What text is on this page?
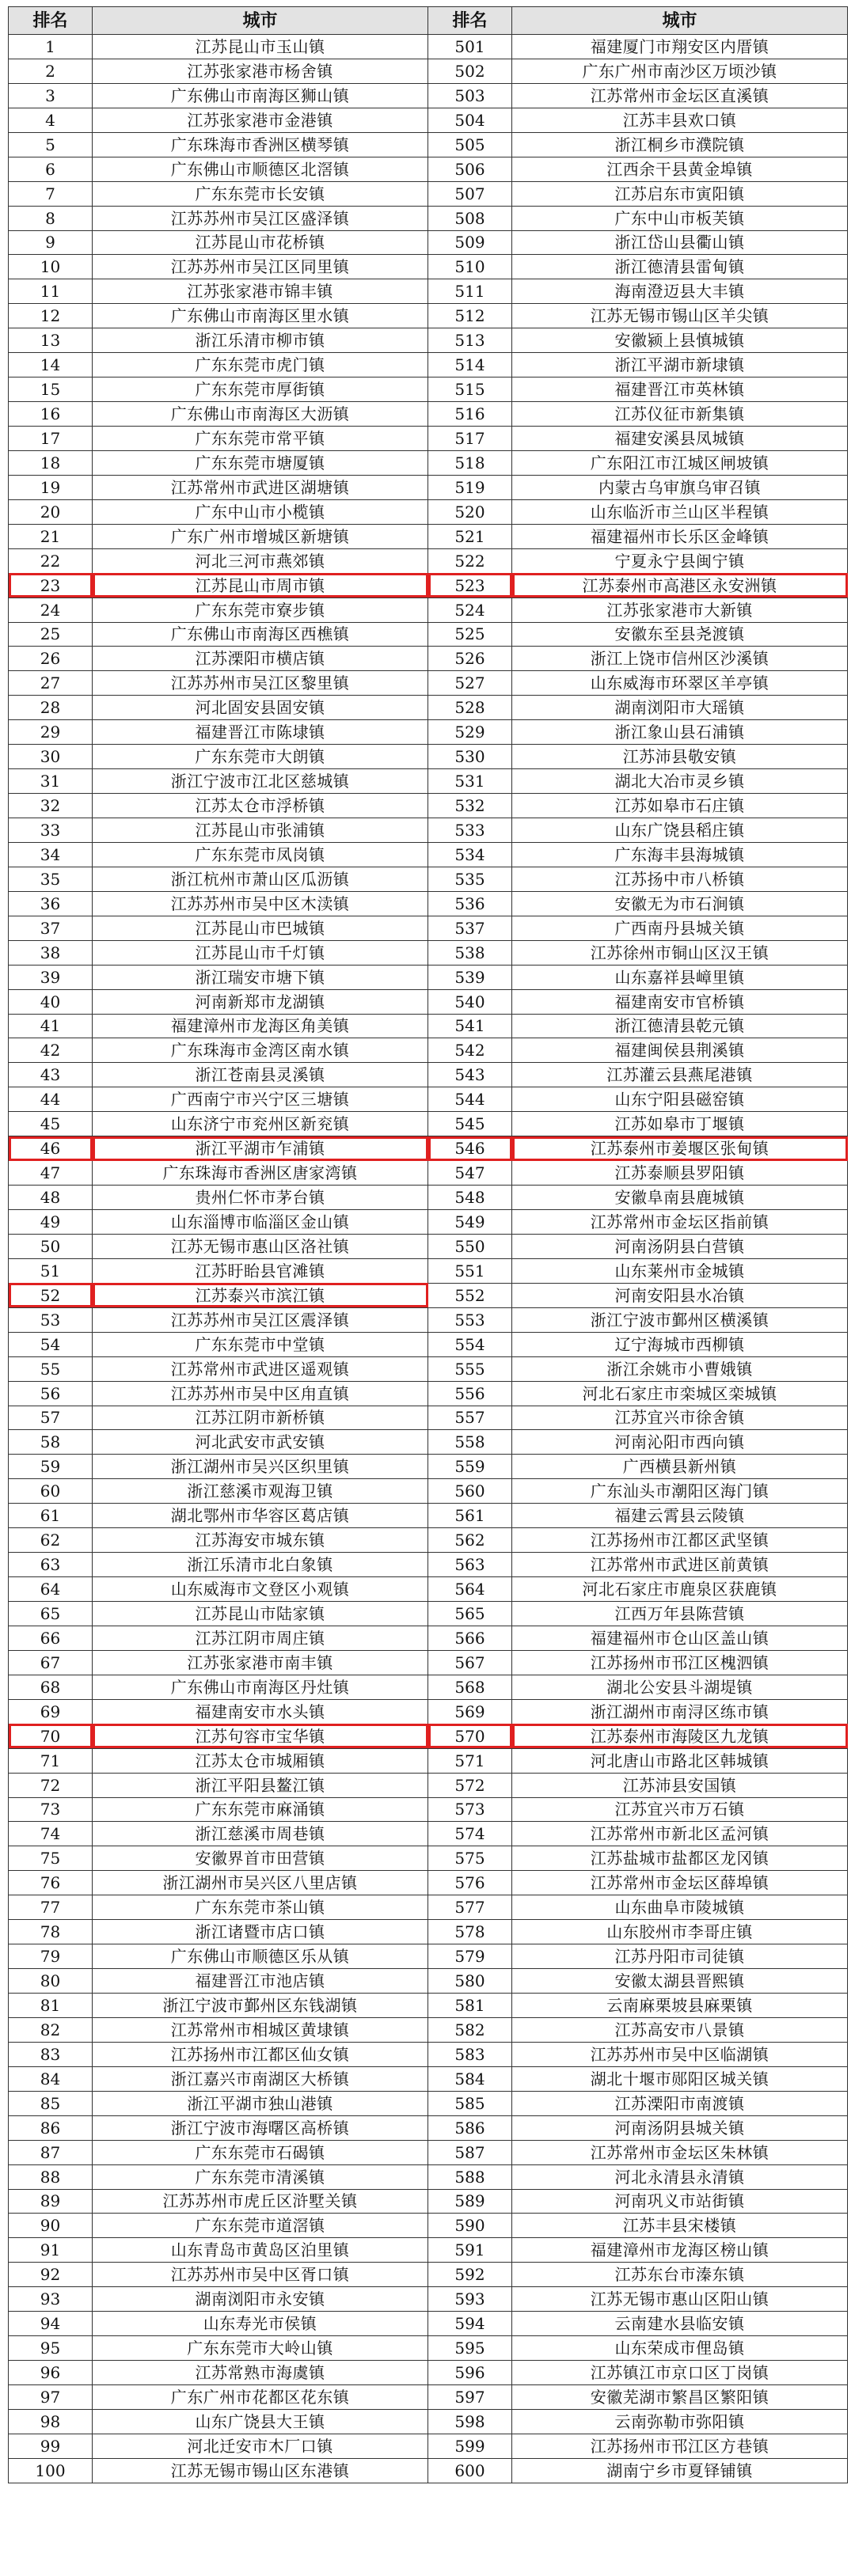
排名	城市	排名	城市
1	江苏昆山市玉山镇	501	福建厦门市翔安区内厝镇
2	江苏张家港市杨舍镇	502	广东广州市南沙区万顷沙镇
3	广东佛山市南海区狮山镇	503	江苏常州市金坛区直溪镇
4	江苏张家港市金港镇	504	江苏丰县欢口镇
5	广东珠海市香洲区横琴镇	505	浙江桐乡市濮院镇
6	广东佛山市顺德区北滘镇	506	江西余干县黄金埠镇
7	广东东莞市长安镇	507	江苏启东市寅阳镇
8	江苏苏州市吴江区盛泽镇	508	广东中山市板芙镇
9	江苏昆山市花桥镇	509	浙江岱山县衢山镇
10	江苏苏州市吴江区同里镇	510	浙江德清县雷甸镇
11	江苏张家港市锦丰镇	511	海南澄迈县大丰镇
12	广东佛山市南海区里水镇	512	江苏无锡市锡山区羊尖镇
13	浙江乐清市柳市镇	513	安徽颍上县慎城镇
14	广东东莞市虎门镇	514	浙江平湖市新埭镇
15	广东东莞市厚街镇	515	福建晋江市英林镇
16	广东佛山市南海区大沥镇	516	江苏仪征市新集镇
17	广东东莞市常平镇	517	福建安溪县凤城镇
18	广东东莞市塘厦镇	518	广东阳江市江城区闸坡镇
19	江苏常州市武进区湖塘镇	519	内蒙古乌审旗乌审召镇
20	广东中山市小榄镇	520	山东临沂市兰山区半程镇
21	广东广州市增城区新塘镇	521	福建福州市长乐区金峰镇
22	河北三河市燕郊镇	522	宁夏永宁县闽宁镇
23	江苏昆山市周市镇	523	江苏泰州市高港区永安洲镇
24	广东东莞市寮步镇	524	江苏张家港市大新镇
25	广东佛山市南海区西樵镇	525	安徽东至县尧渡镇
26	江苏溧阳市横店镇	526	浙江上饶市信州区沙溪镇
27	江苏苏州市吴江区黎里镇	527	山东威海市环翠区羊亭镇
28	河北固安县固安镇	528	湖南浏阳市大瑶镇
29	福建晋江市陈埭镇	529	浙江象山县石浦镇
30	广东东莞市大朗镇	530	江苏沛县敬安镇
31	浙江宁波市江北区慈城镇	531	湖北大冶市灵乡镇
32	江苏太仓市浮桥镇	532	江苏如皋市石庄镇
33	江苏昆山市张浦镇	533	山东广饶县稻庄镇
34	广东东莞市凤岗镇	534	广东海丰县海城镇
35	浙江杭州市萧山区瓜沥镇	535	江苏扬中市八桥镇
36	江苏苏州市吴中区木渎镇	536	安徽无为市石涧镇
37	江苏昆山市巴城镇	537	广西南丹县城关镇
38	江苏昆山市千灯镇	538	江苏徐州市铜山区汉王镇
39	浙江瑞安市塘下镇	539	山东嘉祥县嶂里镇
40	河南新郑市龙湖镇	540	福建南安市官桥镇
41	福建漳州市龙海区角美镇	541	浙江德清县乾元镇
42	广东珠海市金湾区南水镇	542	福建闽侯县荆溪镇
43	浙江苍南县灵溪镇	543	江苏灌云县燕尾港镇
44	广西南宁市兴宁区三塘镇	544	山东宁阳县磁窑镇
45	山东济宁市兖州区新兖镇	545	江苏如皋市丁堰镇
46	浙江平湖市乍浦镇	546	江苏泰州市姜堰区张甸镇
47	广东珠海市香洲区唐家湾镇	547	江苏泰顺县罗阳镇
48	贵州仁怀市茅台镇	548	安徽阜南县鹿城镇
49	山东淄博市临淄区金山镇	549	江苏常州市金坛区指前镇
50	江苏无锡市惠山区洛社镇	550	河南汤阴县白营镇
51	江苏盱眙县官滩镇	551	山东莱州市金城镇
52	江苏泰兴市滨江镇	552	河南安阳县水冶镇
53	江苏苏州市吴江区震泽镇	553	浙江宁波市鄞州区横溪镇
54	广东东莞市中堂镇	554	辽宁海城市西柳镇
55	江苏常州市武进区遥观镇	555	浙江余姚市小曹娥镇
56	江苏苏州市吴中区甪直镇	556	河北石家庄市栾城区栾城镇
57	江苏江阴市新桥镇	557	江苏宜兴市徐舍镇
58	河北武安市武安镇	558	河南沁阳市西向镇
59	浙江湖州市吴兴区织里镇	559	广西横县新州镇
60	浙江慈溪市观海卫镇	560	广东汕头市潮阳区海门镇
61	湖北鄂州市华容区葛店镇	561	福建云霄县云陵镇
62	江苏海安市城东镇	562	江苏扬州市江都区武坚镇
63	浙江乐清市北白象镇	563	江苏常州市武进区前黄镇
64	山东威海市文登区小观镇	564	河北石家庄市鹿泉区获鹿镇
65	江苏昆山市陆家镇	565	江西万年县陈营镇
66	江苏江阴市周庄镇	566	福建福州市仓山区盖山镇
67	江苏张家港市南丰镇	567	江苏扬州市邗江区槐泗镇
68	广东佛山市南海区丹灶镇	568	湖北公安县斗湖堤镇
69	福建南安市水头镇	569	浙江湖州市南浔区练市镇
70	江苏句容市宝华镇	570	江苏泰州市海陵区九龙镇
71	江苏太仓市城厢镇	571	河北唐山市路北区韩城镇
72	浙江平阳县鳌江镇	572	江苏沛县安国镇
73	广东东莞市麻涌镇	573	江苏宜兴市万石镇
74	浙江慈溪市周巷镇	574	江苏常州市新北区孟河镇
75	安徽界首市田营镇	575	江苏盐城市盐都区龙冈镇
76	浙江湖州市吴兴区八里店镇	576	江苏常州市金坛区薛埠镇
77	广东东莞市茶山镇	577	山东曲阜市陵城镇
78	浙江诸暨市店口镇	578	山东胶州市李哥庄镇
79	广东佛山市顺德区乐从镇	579	江苏丹阳市司徒镇
80	福建晋江市池店镇	580	安徽太湖县晋熙镇
81	浙江宁波市鄞州区东钱湖镇	581	云南麻栗坡县麻栗镇
82	江苏常州市相城区黄埭镇	582	江苏高安市八景镇
83	江苏扬州市江都区仙女镇	583	江苏苏州市吴中区临湖镇
84	浙江嘉兴市南湖区大桥镇	584	湖北十堰市郧阳区城关镇
85	浙江平湖市独山港镇	585	江苏溧阳市南渡镇
86	浙江宁波市海曙区高桥镇	586	河南汤阴县城关镇
87	广东东莞市石碣镇	587	江苏常州市金坛区朱林镇
88	广东东莞市清溪镇	588	河北永清县永清镇
89	江苏苏州市虎丘区浒墅关镇	589	河南巩义市站街镇
90	广东东莞市道滘镇	590	江苏丰县宋楼镇
91	山东青岛市黄岛区泊里镇	591	福建漳州市龙海区榜山镇
92	江苏苏州市吴中区胥口镇	592	江苏东台市溱东镇
93	湖南浏阳市永安镇	593	江苏无锡市惠山区阳山镇
94	山东寿光市侯镇	594	云南建水县临安镇
95	广东东莞市大岭山镇	595	山东荣成市俚岛镇
96	江苏常熟市海虞镇	596	江苏镇江市京口区丁岗镇
97	广东广州市花都区花东镇	597	安徽芜湖市繁昌区繁阳镇
98	山东广饶县大王镇	598	云南弥勒市弥阳镇
99	河北迁安市木厂口镇	599	江苏扬州市邗江区方巷镇
100	江苏无锡市锡山区东港镇	600	湖南宁乡市夏铎铺镇
